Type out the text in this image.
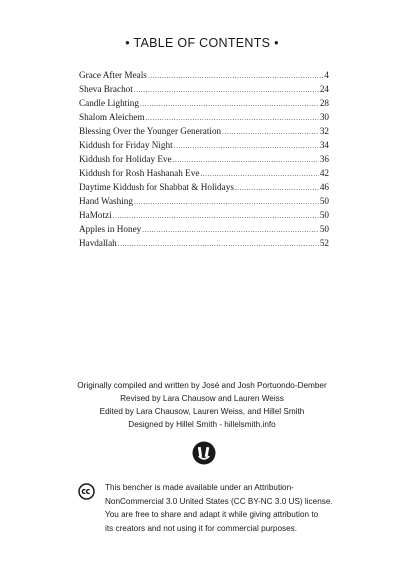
• TABLE OF CONTENTS •
Grace After Meals .....	4
Sheva Brachot .....	24
Candle Lighting .....	28
Shalom Aleichem .....	30
Blessing Over the Younger Generation .....	32
Kiddush for Friday Night .....	34
Kiddush for Holiday Eve .....	36
Kiddush for Rosh Hashanah Eve .....	42
Daytime Kiddush for Shabbat & Holidays .....	46
Hand Washing .....	50
HaMotzi .....	50
Apples in Honey .....	50
Havdallah .....	52
Originally compiled and written by José and Josh Portuondo-Dember
Revised by Lara Chausow and Lauren Weiss
Edited by Lara Chausow, Lauren Weiss, and Hillel Smith
Designed by Hillel Smith - hillelsmith.info
This bencher is made available under an Attribution-
NonCommercial 3.0 United States (CC BY-NC 3.0 US) license.
You are free to share and adapt it while giving attribution to
its creators and not using it for commercial purposes.
